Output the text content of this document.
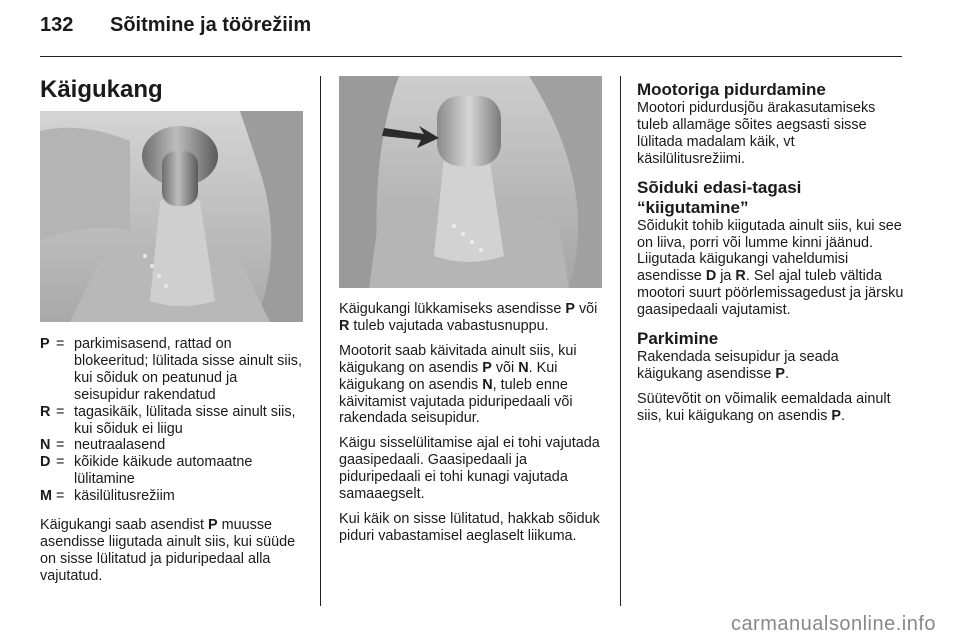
132 Sõitmine ja töörežiim
Käigukang
P = parkimisasend, rattad on blokeeritud; lülitada sisse ainult siis, kui sõiduk on peatunud ja seisupidur rakendatud
R = tagasikäik, lülitada sisse ainult siis, kui sõiduk ei liigu
N = neutraalasend
D = kõikide käikude automaatne lülitamine
M = käsilülitusrežiim

Käigukangi saab asendist P muusse asendisse liigutada ainult siis, kui süüde on sisse lülitatud ja piduripedaal alla vajutatud.

Käigukangi lükkamiseks asendisse P või R tuleb vajutada vabastusnuppu.

Mootorit saab käivitada ainult siis, kui käigukang on asendis P või N. Kui käigukang on asendis N, tuleb enne käivitamist vajutada piduripedaali või rakendada seisupidur.

Käigu sisselülitamise ajal ei tohi vajutada gaasipedaali. Gaasipedaali ja piduripedaali ei tohi kunagi vajutada samaaegselt.

Kui käik on sisse lülitatud, hakkab sõiduk piduri vabastamisel aeglaselt liikuma.

Mootoriga pidurdamine

Mootori pidurdusjõu ärakasutamiseks tuleb allamäge sõites aegsasti sisse lülitada madalam käik, vt käsilülitusrežiimi.

Sõiduki edasi-tagasi “kiigutamine”

Sõidukit tohib kiigutada ainult siis, kui see on liiva, porri või lumme kinni jäänud. Liigutada käigukangi vaheldumisi asendisse D ja R. Sel ajal tuleb vältida mootori suurt pöörlemissagedust ja järsku gaasipedaali vajutamist.

Parkimine

Rakendada seisupidur ja seada käigukang asendisse P.

Süütevõtit on võimalik eemaldada ainult siis, kui käigukang on asendis P.

carmanualsonline.info
